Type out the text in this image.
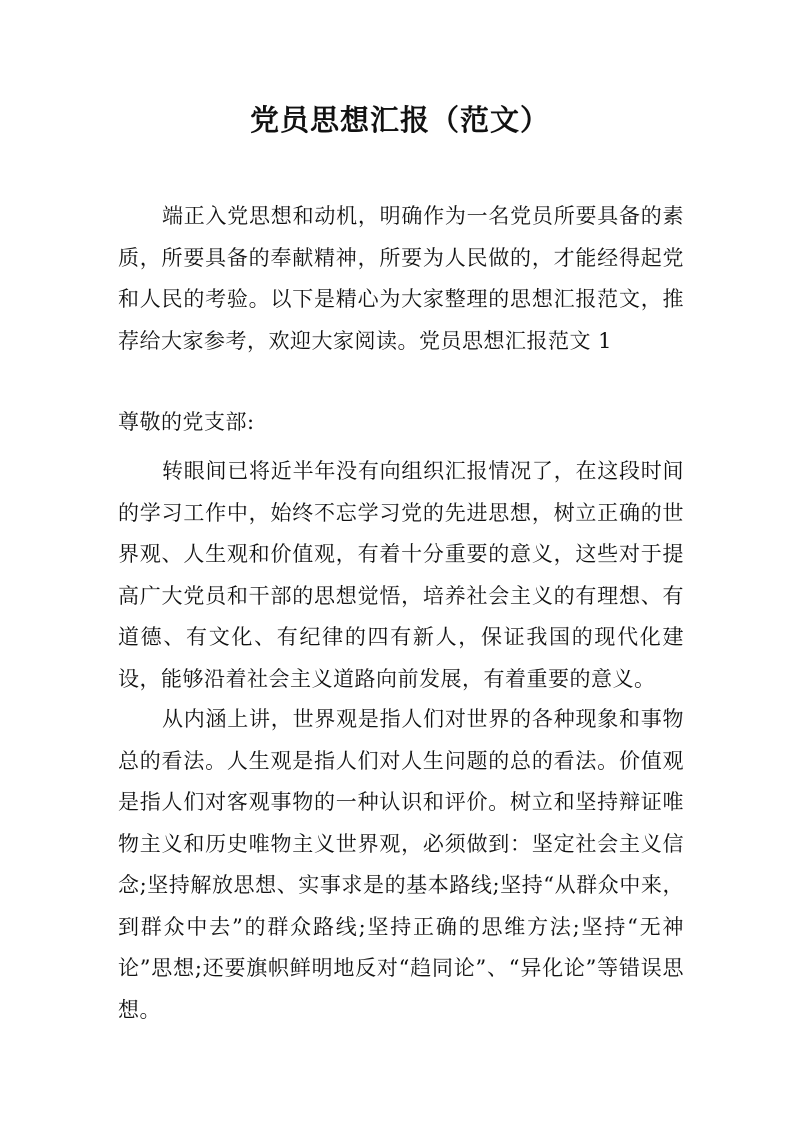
党员思想汇报（范文）

端正入党思想和动机，明确作为一名党员所要具备的素质，所要具备的奉献精神，所要为人民做的，才能经得起党和人民的考验。以下是精心为大家整理的思想汇报范文，推荐给大家参考，欢迎大家阅读。党员思想汇报范文 1

尊敬的党支部:

转眼间已将近半年没有向组织汇报情况了，在这段时间的学习工作中，始终不忘学习党的先进思想，树立正确的世界观、人生观和价值观，有着十分重要的意义，这些对于提高广大党员和干部的思想觉悟，培养社会主义的有理想、有道德、有文化、有纪律的四有新人，保证我国的现代化建设，能够沿着社会主义道路向前发展，有着重要的意义。

从内涵上讲，世界观是指人们对世界的各种现象和事物总的看法。人生观是指人们对人生问题的总的看法。价值观是指人们对客观事物的一种认识和评价。树立和坚持辩证唯物主义和历史唯物主义世界观，必须做到：坚定社会主义信念;坚持解放思想、实事求是的基本路线;坚持“从群众中来，到群众中去”的群众路线;坚持正确的思维方法;坚持“无神论”思想;还要旗帜鲜明地反对“趋同论”、“异化论”等错误思想。
